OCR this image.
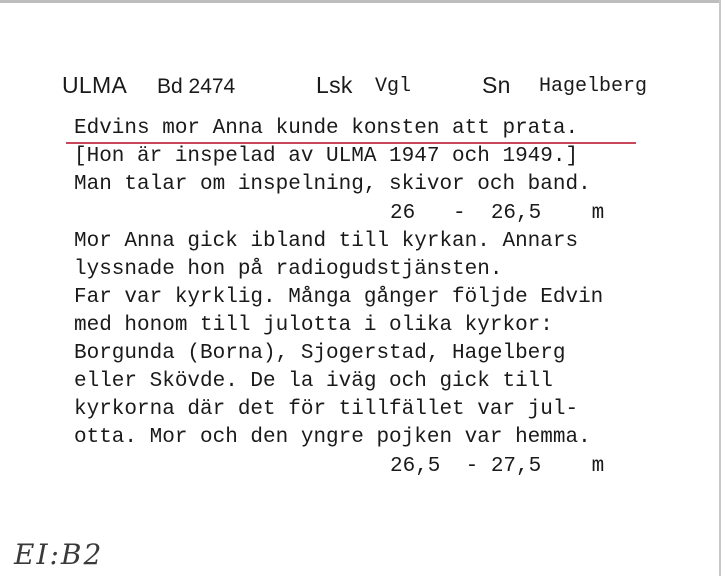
ULMA Bd 2474	Lsk Vgl	Sn Hagelberg
Edvins mor Anna kunde konsten att prata.
[Hon är inspelad av ULMA 1947 och 1949.]
Man talar om inspelning, skivor och band.
26   -  26,5    m
Mor Anna gick ibland till kyrkan. Annars
lyssnade hon på radiogudstjänsten.
Far var kyrklig. Många gånger följde Edvin
med honom till julotta i olika kyrkor:
Borgunda (Borna), Sjogerstad, Hagelberg
eller Skövde. De la iväg och gick till
kyrkorna där det för tillfället var jul-
otta. Mor och den yngre pojken var hemma.
26,5  - 27,5    m
EI:B2
